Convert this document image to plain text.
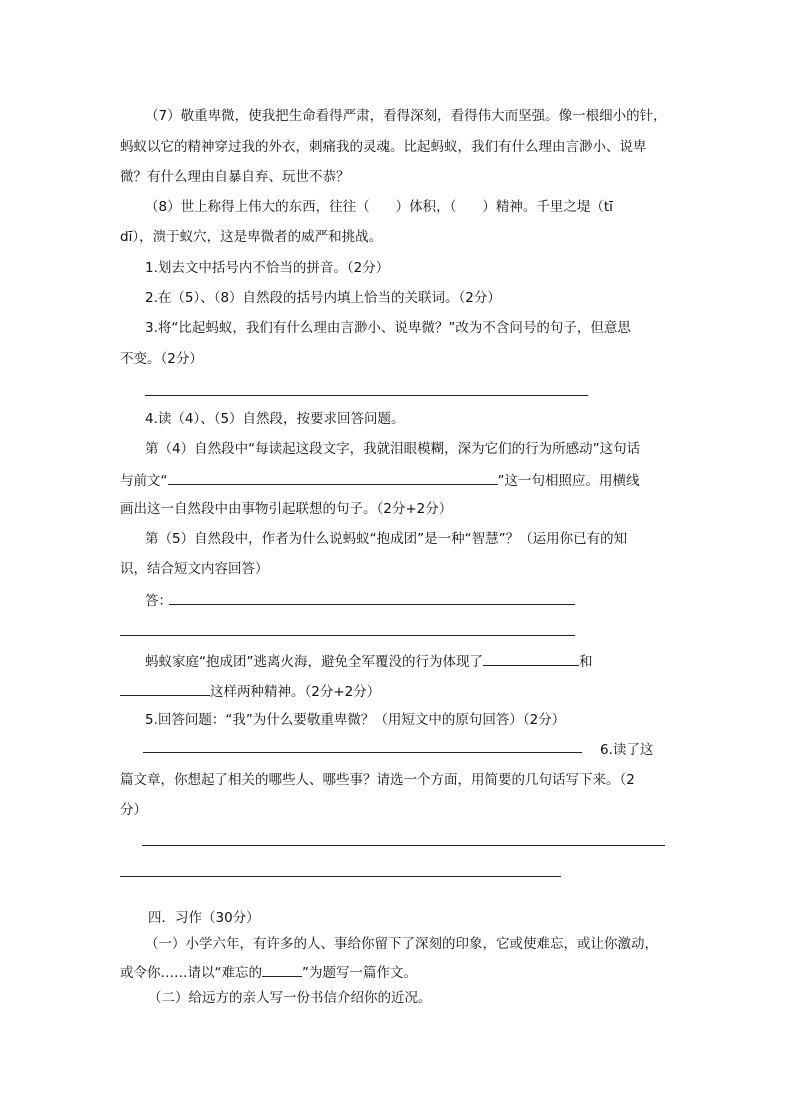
（7）敬重卑微，使我把生命看得严肃，看得深刻，看得伟大而坚强。像一根细小的针，

蚂蚁以它的精神穿过我的外衣，刺痛我的灵魂。比起蚂蚁，我们有什么理由言渺小、说卑

微？有什么理由自暴自弃、玩世不恭？

（8）世上称得上伟大的东西，往往（ ）体积，（ ）精神。千里之堤（tī

dī），溃于蚁穴，这是卑微者的威严和挑战。

1.划去文中括号内不恰当的拼音。（2分）

2.在（5）、（8）自然段的括号内填上恰当的关联词。（2分）

3.将“比起蚂蚁，我们有什么理由言渺小、说卑微？”改为不含问号的句子，但意思

不变。（2分）

4.读（4）、（5）自然段，按要求回答问题。

第（4）自然段中“每读起这段文字，我就泪眼模糊，深为它们的行为所感动”这句话

与前文“	”这一句相照应。用横线

画出这一自然段中由事物引起联想的句子。（2分+2分）

第（5）自然段中，作者为什么说蚂蚁“抱成团”是一种“智慧”？（运用你已有的知

识，结合短文内容回答）

答：

蚂蚁家庭“抱成团”逃离火海，避免全军覆没的行为体现了	和

这样两种精神。（2分+2分）

5.回答问题：“我”为什么要敬重卑微？（用短文中的原句回答）（2分）

6.读了这

篇文章，你想起了相关的哪些人、哪些事？请选一个方面，用简要的几句话写下来。（2

分）

四．习作（30分）

（一）小学六年，有许多的人、事给你留下了深刻的印象，它或使难忘，或让你激动，

或令你……请以“难忘的	”为题写一篇作文。

（二）给远方的亲人写一份书信介绍你的近况。
